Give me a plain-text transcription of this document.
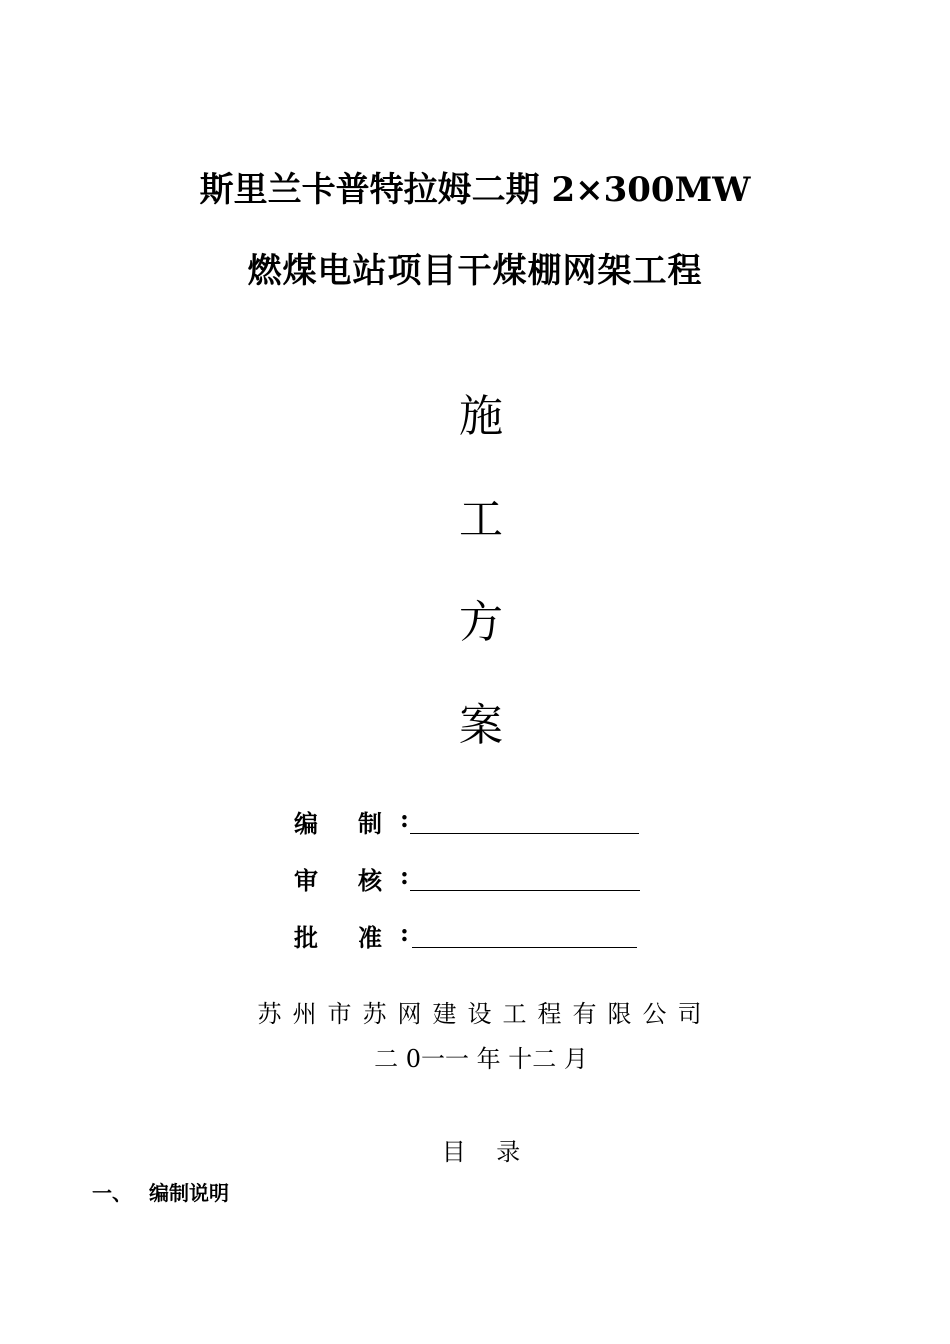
斯里兰卡普特拉姆二期 2×300MW
燃煤电站项目干煤棚网架工程
施
工
方
案
编 制 :
审 核 :
批 准 :
苏州市苏网建设工程有限公司
二 0一一 年 十二 月
目    录
一、 编制说明
